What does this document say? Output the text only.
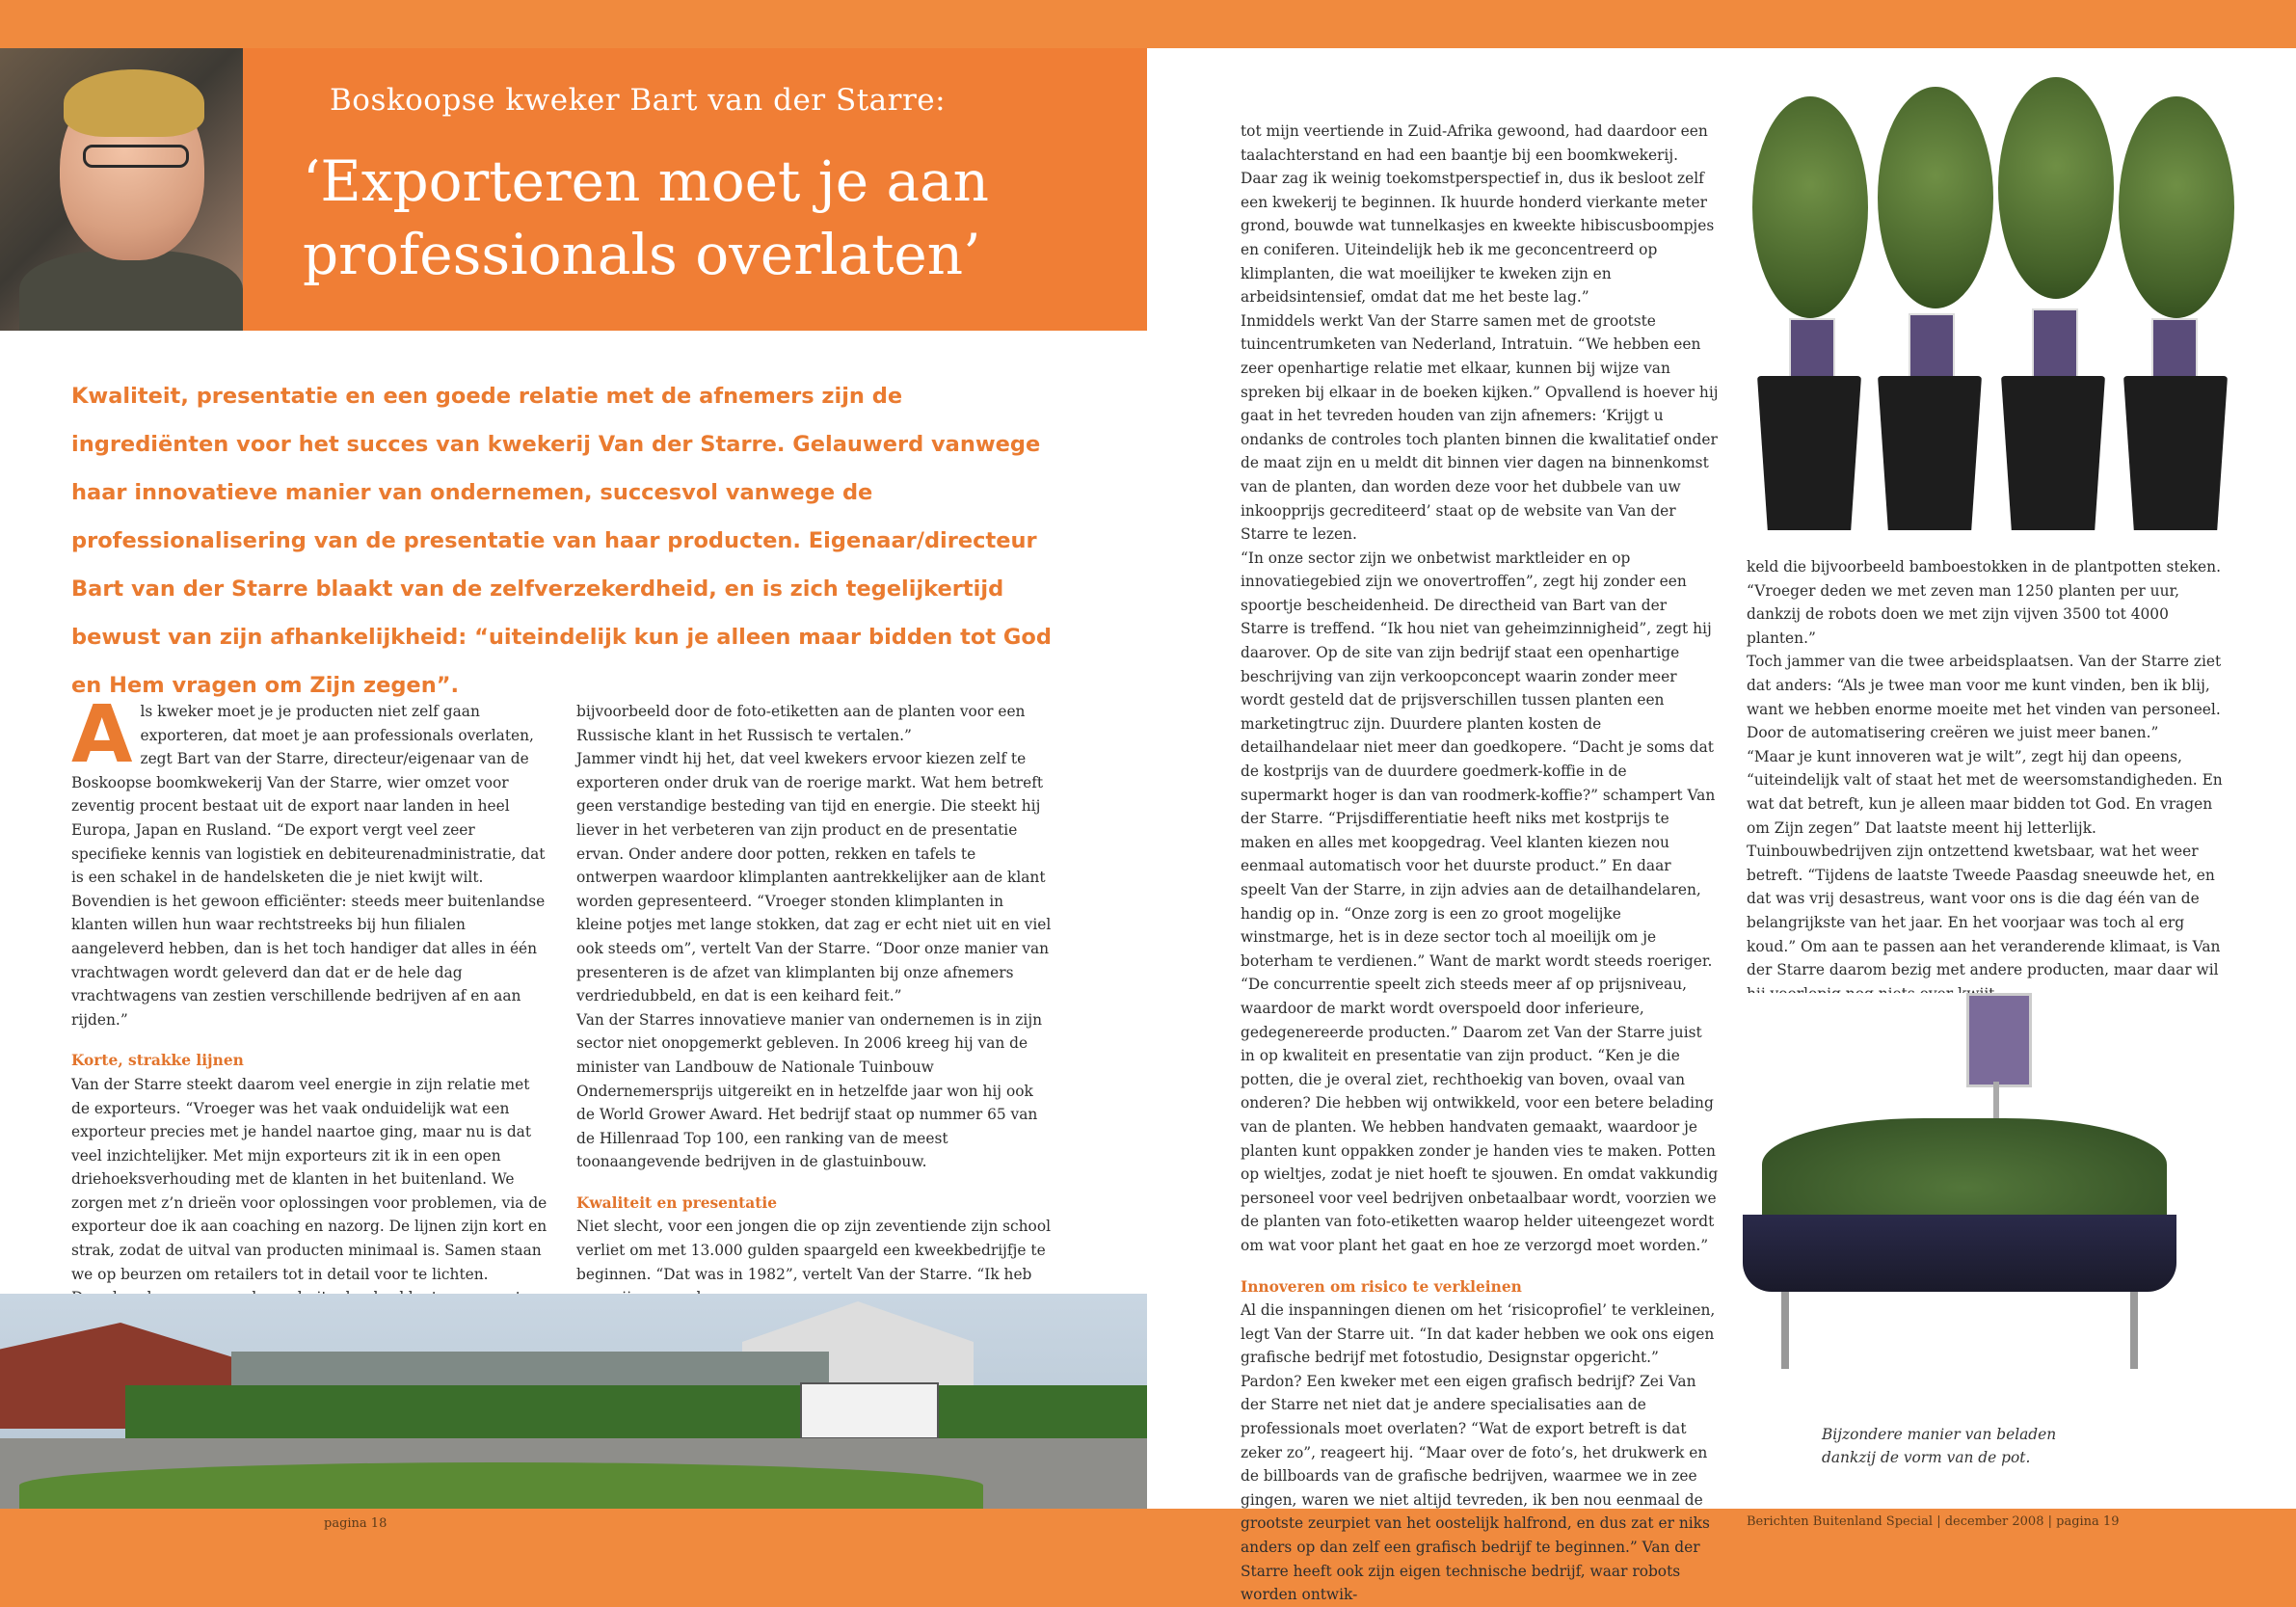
Boskoopse kweker Bart van der Starre:
‘Exporteren moet je aan
professionals overlaten’
Kwaliteit, presentatie en een goede relatie met de afnemers zijn de ingrediënten voor het succes van kwekerij Van der Starre. Gelauwerd vanwege haar innovatieve manier van ondernemen, succesvol vanwege de professionalisering van de presentatie van haar producten. Eigenaar/directeur Bart van der Starre blaakt van de zelfverzekerdheid, en is zich tegelijkertijd bewust van zijn afhankelijkheid: “uiteindelijk kun je alleen maar bidden tot God en Hem vragen om Zijn zegen”.

Als kweker moet je je producten niet zelf gaan exporteren, dat moet je aan professionals overlaten, zegt Bart van der Starre, directeur/eigenaar van de Boskoopse boomkwekerij Van der Starre, wier omzet voor zeventig procent bestaat uit de export naar landen in heel Europa, Japan en Rusland. “De export vergt veel zeer specifieke kennis van logistiek en debiteurenadministratie, dat is een schakel in de handelsketen die je niet kwijt wilt. Bovendien is het gewoon efficiënter: steeds meer buitenlandse klanten willen hun waar rechtstreeks bij hun filialen aangeleverd hebben, dan is het toch handiger dat alles in één vrachtwagen wordt geleverd dan dat er de hele dag vrachtwagens van zestien verschillende bedrijven af en aan rijden.”

Korte, strakke lijnen

Van der Starre steekt daarom veel energie in zijn relatie met de exporteurs. “Vroeger was het vaak onduidelijk wat een exporteur precies met je handel naartoe ging, maar nu is dat veel inzichtelijker. Met mijn exporteurs zit ik in een open driehoeksverhouding met de klanten in het buitenland. We zorgen met z’n drieën voor oplossingen voor problemen, via de exporteur doe ik aan coaching en nazorg. De lijnen zijn kort en strak, zodat de uitval van producten minimaal is. Samen staan we op beurzen om retailers tot in detail voor te lichten.

bijvoorbeeld door de foto-etiketten aan de planten voor een Russische klant in het Russisch te vertalen.”

Jammer vindt hij het, dat veel kwekers ervoor kiezen zelf te exporteren onder druk van de roerige markt. Wat hem betreft geen verstandige besteding van tijd en energie. Die steekt hij liever in het verbeteren van zijn product en de presentatie ervan. Onder andere door potten, rekken en tafels te ontwerpen waardoor klimplanten aantrekkelijker aan de klant worden gepresenteerd. “Vroeger stonden klimplanten in kleine potjes met lange stokken, dat zag er echt niet uit en viel ook steeds om”, vertelt Van der Starre. “Door onze manier van presenteren is de afzet van klimplanten bij onze afnemers verdriedubbeld, en dat is een keihard feit.”

Van der Starres innovatieve manier van ondernemen is in zijn sector niet onopgemerkt gebleven. In 2006 kreeg hij van de minister van Landbouw de Nationale Tuinbouw Ondernemersprijs uitgereikt en in hetzelfde jaar won hij ook de World Grower Award. Het bedrijf staat op nummer 65 van de Hillenraad Top 100, een ranking van de meest toonaangevende bedrijven in de glastuinbouw.

Kwaliteit en presentatie

Niet slecht, voor een jongen die op zijn zeventiende zijn school verliet om met 13.000 gulden spaargeld een kweekbedrijfje te beginnen. “Dat was in 1982”, vertelt Van der Starre. “Ik heb

tot mijn veertiende in Zuid-Afrika gewoond, had daardoor een taalachterstand en had een baantje bij een boomkwekerij. Daar zag ik weinig toekomstperspectief in, dus ik besloot zelf een kwekerij te beginnen. Ik huurde honderd vierkante meter grond, bouwde wat tunnelkasjes en kweekte hibiscusboompjes en coniferen. Uiteindelijk heb ik me geconcentreerd op klimplanten, die wat moeilijker te kweken zijn en arbeidsintensief, omdat dat me het beste lag.”

Inmiddels werkt Van der Starre samen met de grootste tuincentrumketen van Nederland, Intratuin. “We hebben een zeer openhartige relatie met elkaar, kunnen bij wijze van spreken bij elkaar in de boeken kijken.” Opvallend is hoever hij gaat in het tevreden houden van zijn afnemers: ‘Krijgt u ondanks de controles toch planten binnen die kwalitatief onder de maat zijn en u meldt dit binnen vier dagen na binnenkomst van de planten, dan worden deze voor het dubbele van uw inkoopprijs gecrediteerd’ staat op de website van Van der Starre te lezen.

“In onze sector zijn we onbetwist marktleider en op innovatiegebied zijn we onovertroffen”, zegt hij zonder een spoortje bescheidenheid. De directheid van Bart van der Starre is treffend. “Ik hou niet van geheimzinnigheid”, zegt hij daarover. Op de site van zijn bedrijf staat een openhartige beschrijving van zijn verkoopconcept waarin zonder meer wordt gesteld dat de prijsverschillen tussen planten een marketingtruc zijn. Duurdere planten kosten de detailhandelaar niet meer dan goedkopere. “Dacht je soms dat de kostprijs van de duurdere goedmerk-koffie in de supermarkt hoger is dan van roodmerk-koffie?” schampert Van der Starre. “Prijsdifferentiatie heeft niks met kostprijs te maken en alles met koopgedrag. Veel klanten kiezen nou eenmaal automatisch voor het duurste product.” En daar speelt Van der Starre, in zijn advies aan de detailhandelaren, handig op in. “Onze zorg is een zo groot mogelijke winstmarge, het is in deze sector toch al moeilijk om je boterham te verdienen.” Want de markt wordt steeds roeriger. “De concurrentie speelt zich steeds meer af op prijsniveau, waardoor de markt wordt overspoeld door inferieure, gedegenereerde producten.” Daarom zet Van der Starre juist in op kwaliteit en presentatie van zijn product. “Ken je die potten, die je overal ziet, rechthoekig van boven, ovaal van onderen? Die hebben wij ontwikkeld, voor een betere belading van de planten. We hebben handvaten gemaakt, waardoor je planten kunt oppakken zonder je handen vies te maken. Potten op wieltjes, zodat je niet hoeft te sjouwen. En omdat vakkundig personeel voor veel bedrijven onbetaalbaar wordt, voorzien we de planten van foto-etiketten waarop helder uiteengezet wordt om wat voor plant het gaat en hoe ze verzorgd moet worden.”

Innoveren om risico te verkleinen

Al die inspanningen dienen om het ‘risicoprofiel’ te verkleinen, legt Van der Starre uit. “In dat kader hebben we ook ons eigen grafische bedrijf met fotostudio, Designstar opgericht.” Pardon? Een kweker met een eigen grafisch bedrijf? Zei Van der Starre net niet dat je andere specialisaties aan de professionals moet overlaten? “Wat de export betreft is dat zeker zo”, reageert hij. “Maar over de foto’s, het drukwerk en de billboards van de grafische bedrijven, waarmee we in zee gingen, waren we niet altijd tevreden, ik ben nou eenmaal de grootste zeurpiet van het oostelijk halfrond, en dus zat er niks anders op dan zelf een grafisch bedrijf te beginnen.” Van der Starre heeft ook zijn eigen technische bedrijf, waar robots worden ontwik-

keld die bijvoorbeeld bamboestokken in de plantpotten steken. “Vroeger deden we met zeven man 1250 planten per uur, dankzij de robots doen we met zijn vijven 3500 tot 4000 planten.”

Toch jammer van die twee arbeidsplaatsen. Van der Starre ziet dat anders: “Als je twee man voor me kunt vinden, ben ik blij, want we hebben enorme moeite met het vinden van personeel. Door de automatisering creëren we juist meer banen.”

“Maar je kunt innoveren wat je wilt”, zegt hij dan opeens, “uiteindelijk valt of staat het met de weersomstandigheden. En wat dat betreft, kun je alleen maar bidden tot God. En vragen om Zijn zegen” Dat laatste meent hij letterlijk. Tuinbouwbedrijven zijn ontzettend kwetsbaar, wat het weer betreft. “Tijdens de laatste Tweede Paasdag sneeuwde het, en dat was vrij desastreus, want voor ons is die dag één van de belangrijkste van het jaar. En het voorjaar was toch al erg koud.” Om aan te passen aan het veranderende klimaat, is Van der Starre daarom bezig met andere producten, maar daar wil

Bijzondere manier van beladen dankzij de vorm van de pot.
pagina 18	Berichten Buitenland Special | december 2008 | pagina 19
